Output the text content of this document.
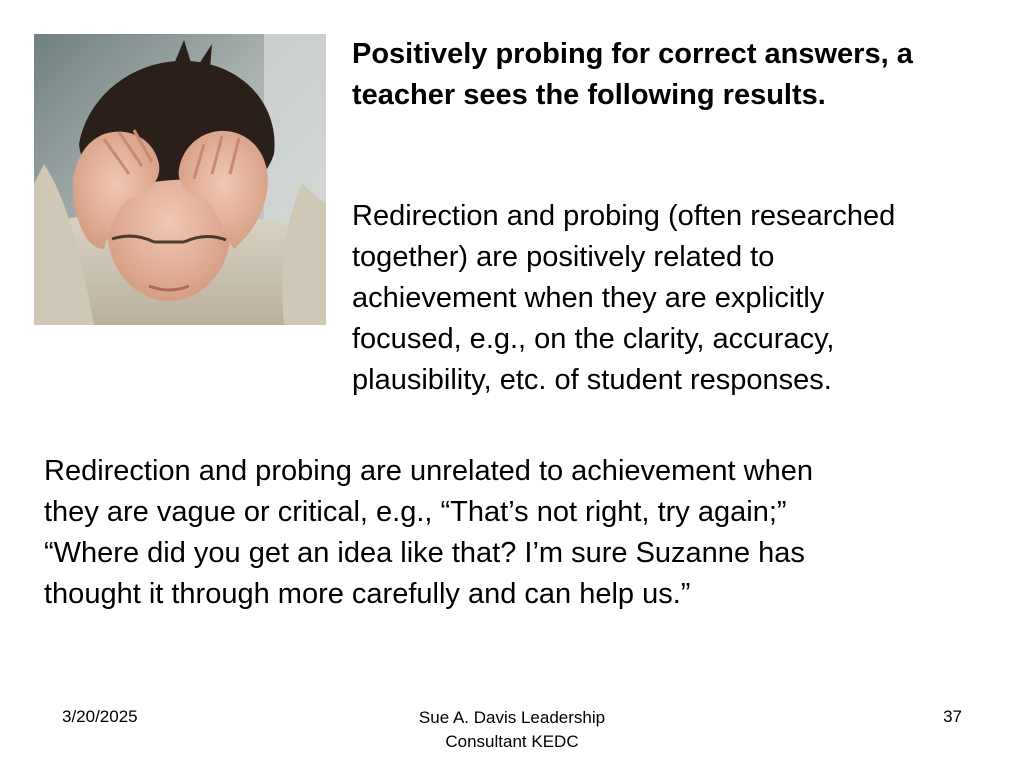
Positively probing for correct answers, a teacher sees the following results.

Redirection and probing (often researched
together) are positively related to
achievement when they are explicitly
focused, e.g., on the clarity, accuracy,
plausibility, etc. of student responses.

Redirection and probing are unrelated to achievement when
they are vague or critical, e.g., “That’s not right, try again;”
“Where did you get an idea like that? I’m sure Suzanne has
thought it through more carefully and can help us.”

3/20/2025	Sue A. Davis Leadership
Consultant KEDC
37
